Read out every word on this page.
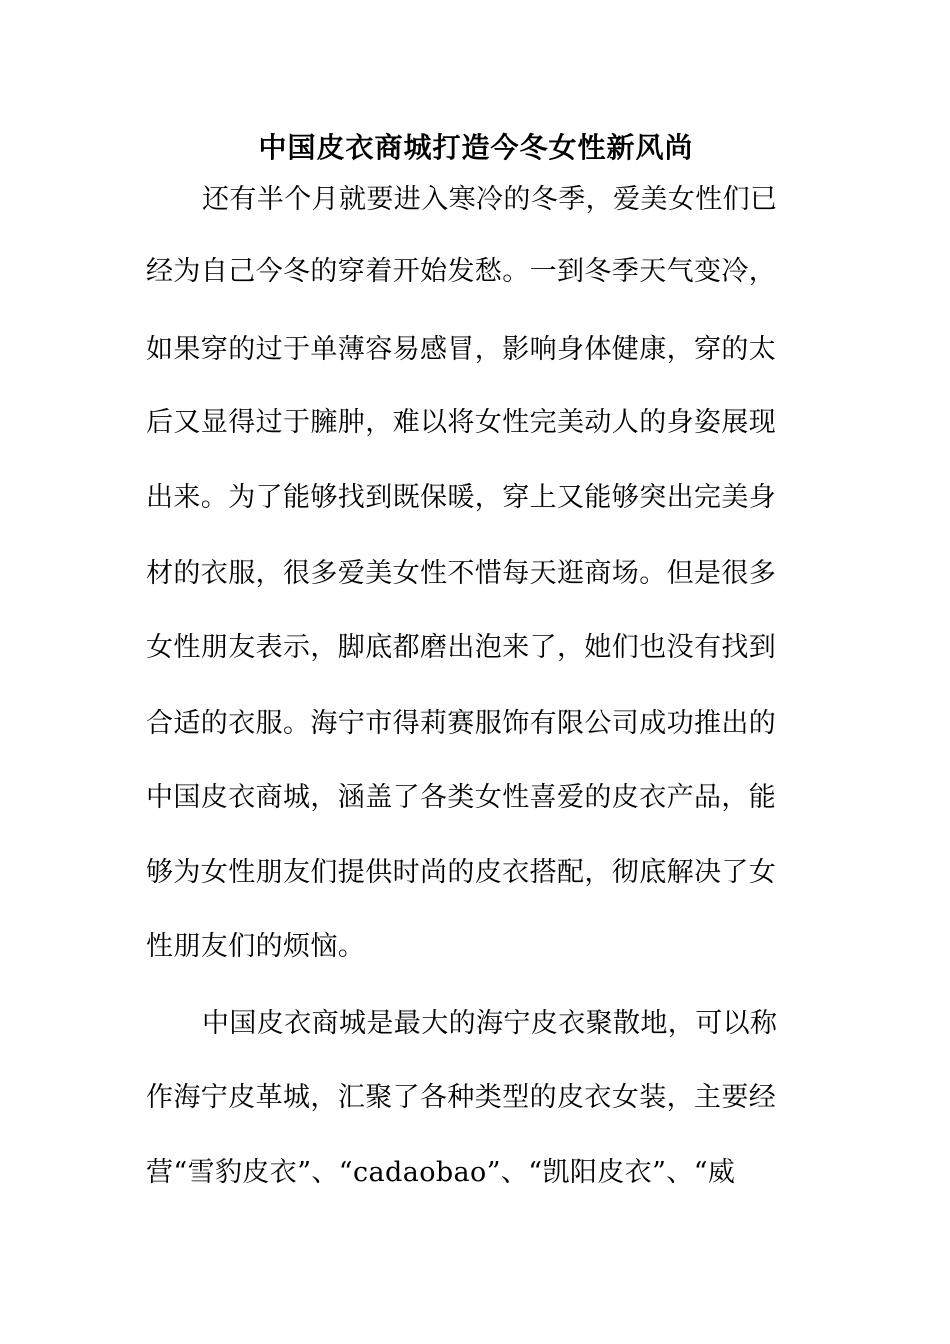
中国皮衣商城打造今冬女性新风尚
还有半个月就要进入寒冷的冬季，爱美女性们已
经为自己今冬的穿着开始发愁。一到冬季天气变冷，
如果穿的过于单薄容易感冒，影响身体健康，穿的太
后又显得过于臃肿，难以将女性完美动人的身姿展现
出来。为了能够找到既保暖，穿上又能够突出完美身
材的衣服，很多爱美女性不惜每天逛商场。但是很多
女性朋友表示，脚底都磨出泡来了，她们也没有找到
合适的衣服。海宁市得莉赛服饰有限公司成功推出的
中国皮衣商城，涵盖了各类女性喜爱的皮衣产品，能
够为女性朋友们提供时尚的皮衣搭配，彻底解决了女
性朋友们的烦恼。
中国皮衣商城是最大的海宁皮衣聚散地，可以称
作海宁皮革城，汇聚了各种类型的皮衣女装，主要经
营“雪豹皮衣”、“cadaobao”、“凯阳皮衣”、“威
